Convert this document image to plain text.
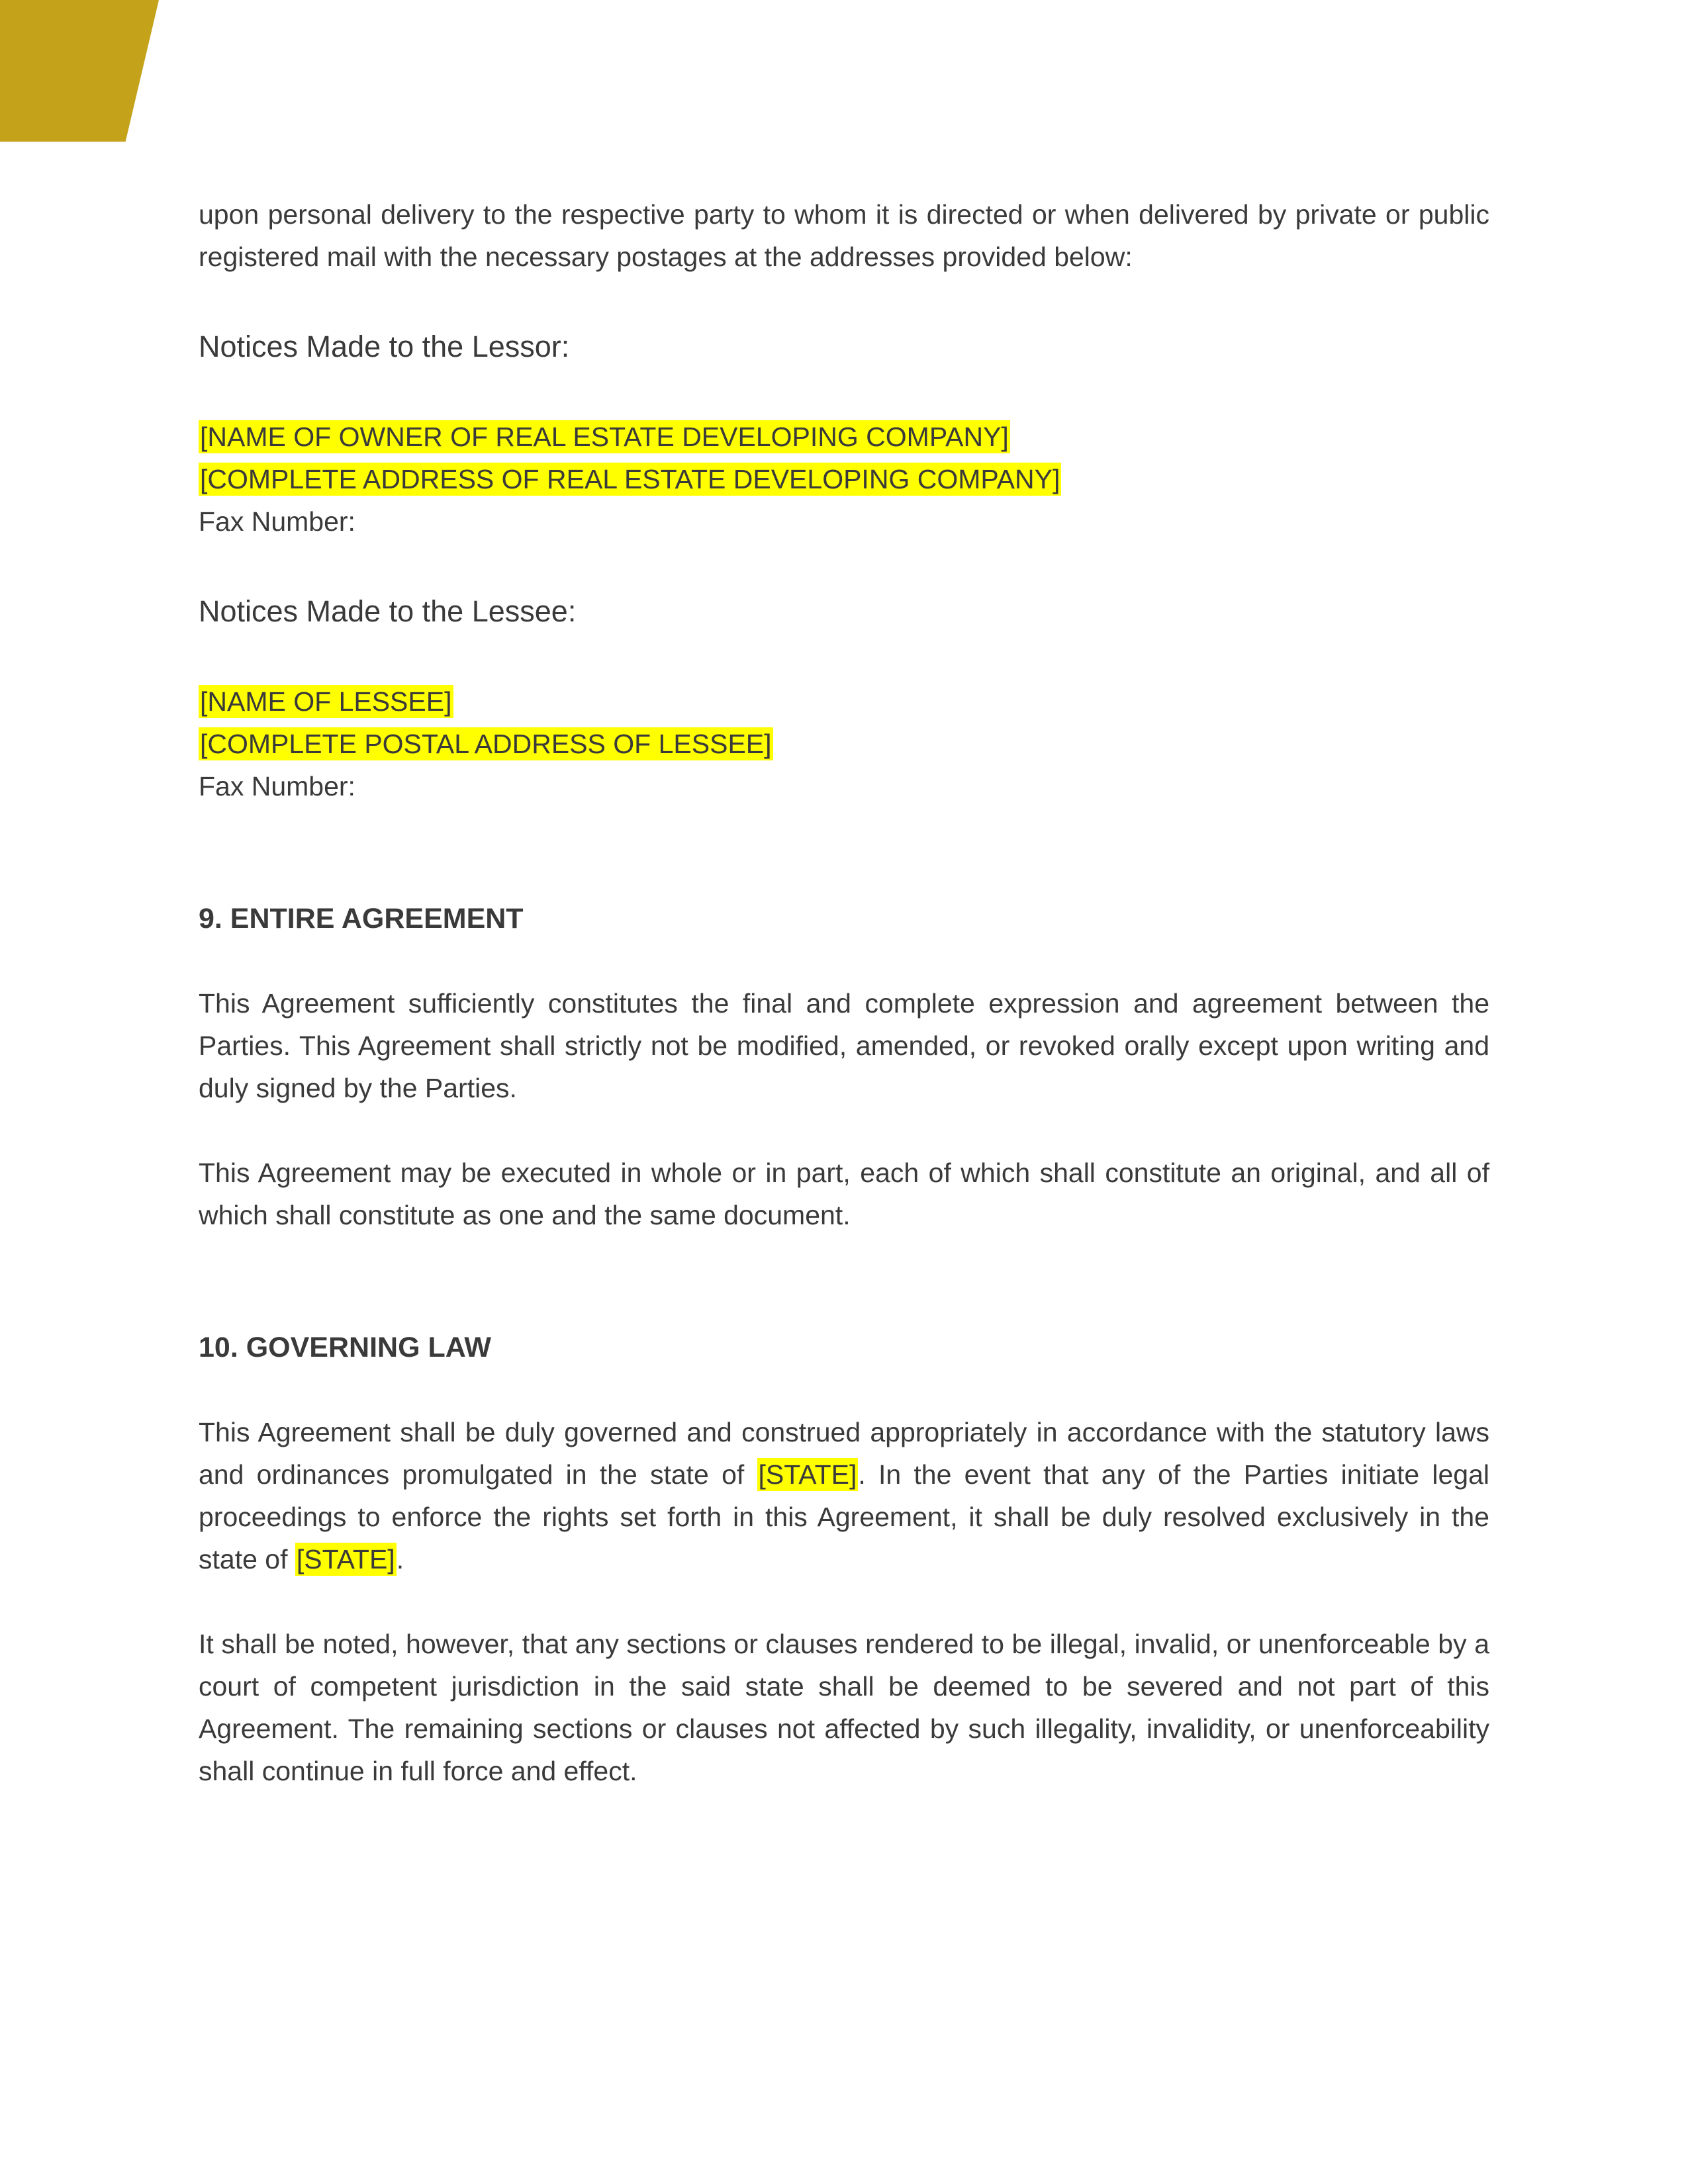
upon personal delivery to the respective party to whom it is directed or when delivered by private or public registered mail with the necessary postages at the addresses provided below:

Notices Made to the Lessor:

[NAME OF OWNER OF REAL ESTATE DEVELOPING COMPANY]

[COMPLETE ADDRESS OF REAL ESTATE DEVELOPING COMPANY]

Fax Number:

Notices Made to the Lessee:

[NAME OF LESSEE]

[COMPLETE POSTAL ADDRESS OF LESSEE]

Fax Number:

9. ENTIRE AGREEMENT

This Agreement sufficiently constitutes the final and complete expression and agreement between the Parties. This Agreement shall strictly not be modified, amended, or revoked orally except upon writing and duly signed by the Parties.

This Agreement may be executed in whole or in part, each of which shall constitute an original, and all of which shall constitute as one and the same document.

10. GOVERNING LAW

This Agreement shall be duly governed and construed appropriately in accordance with the statutory laws and ordinances promulgated in the state of [STATE]. In the event that any of the Parties initiate legal proceedings to enforce the rights set forth in this Agreement, it shall be duly resolved exclusively in the state of [STATE].

It shall be noted, however, that any sections or clauses rendered to be illegal, invalid, or unenforceable by a court of competent jurisdiction in the said state shall be deemed to be severed and not part of this Agreement. The remaining sections or clauses not affected by such illegality, invalidity, or unenforceability shall continue in full force and effect.
